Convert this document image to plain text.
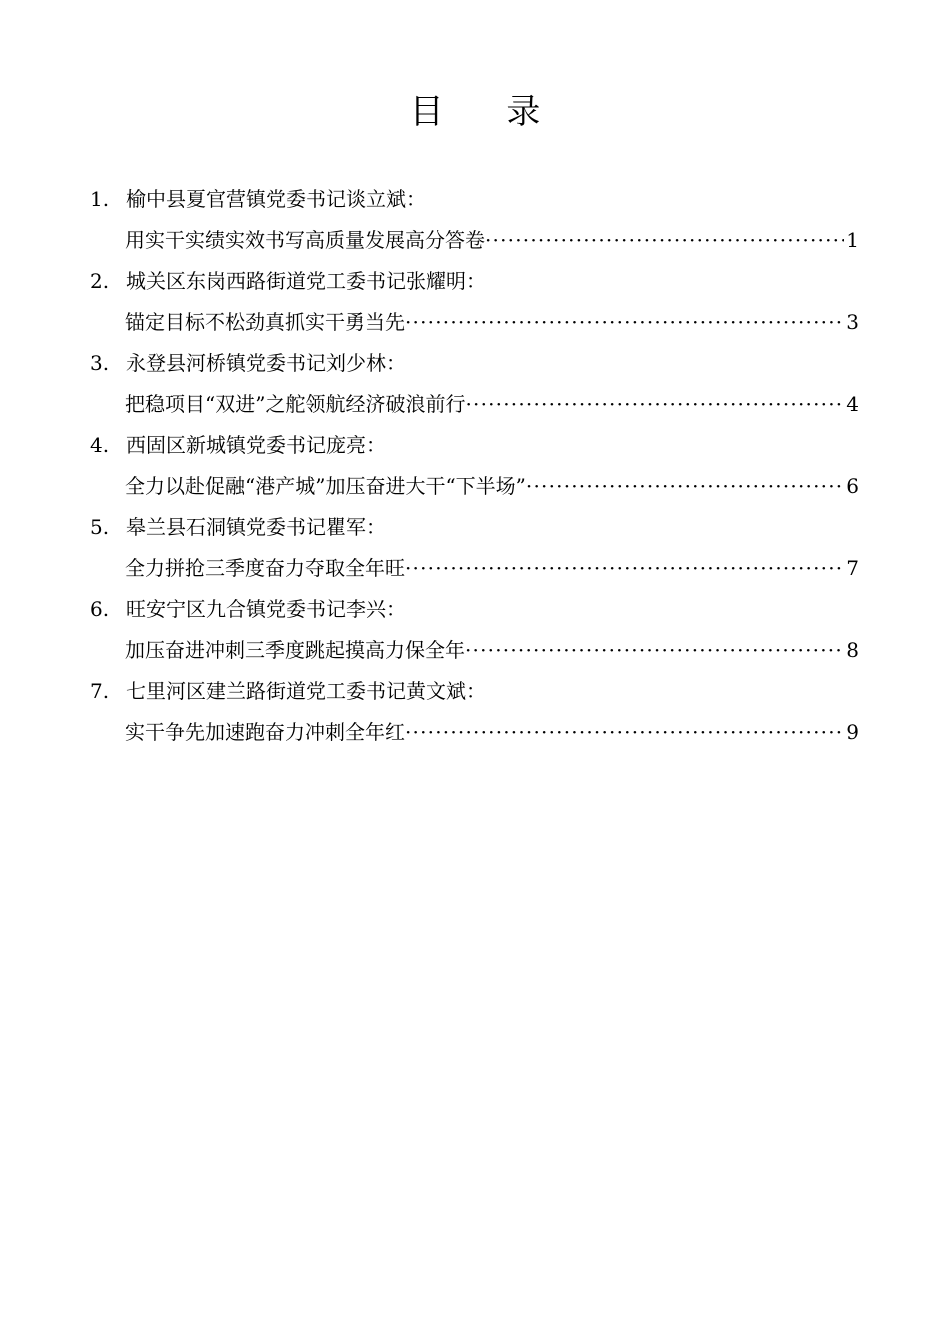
目 录
1. 榆中县夏官营镇党委书记谈立斌：
用实干实绩实效书写高质量发展高分答卷 ·····	1
2. 城关区东岗西路街道党工委书记张耀明：
锚定目标不松劲真抓实干勇当先 ·····	3
3. 永登县河桥镇党委书记刘少林：
把稳项目“双进”之舵领航经济破浪前行 ·····	4
4. 西固区新城镇党委书记庞亮：
全力以赴促融“港产城”加压奋进大干“下半场” ·····	6
5. 皋兰县石洞镇党委书记瞿军：
全力拼抢三季度奋力夺取全年旺 ·····	7
6. 旺安宁区九合镇党委书记李兴：
加压奋进冲刺三季度跳起摸高力保全年 ·····	8
7. 七里河区建兰路街道党工委书记黄文斌：
实干争先加速跑奋力冲刺全年红 ·····	9
